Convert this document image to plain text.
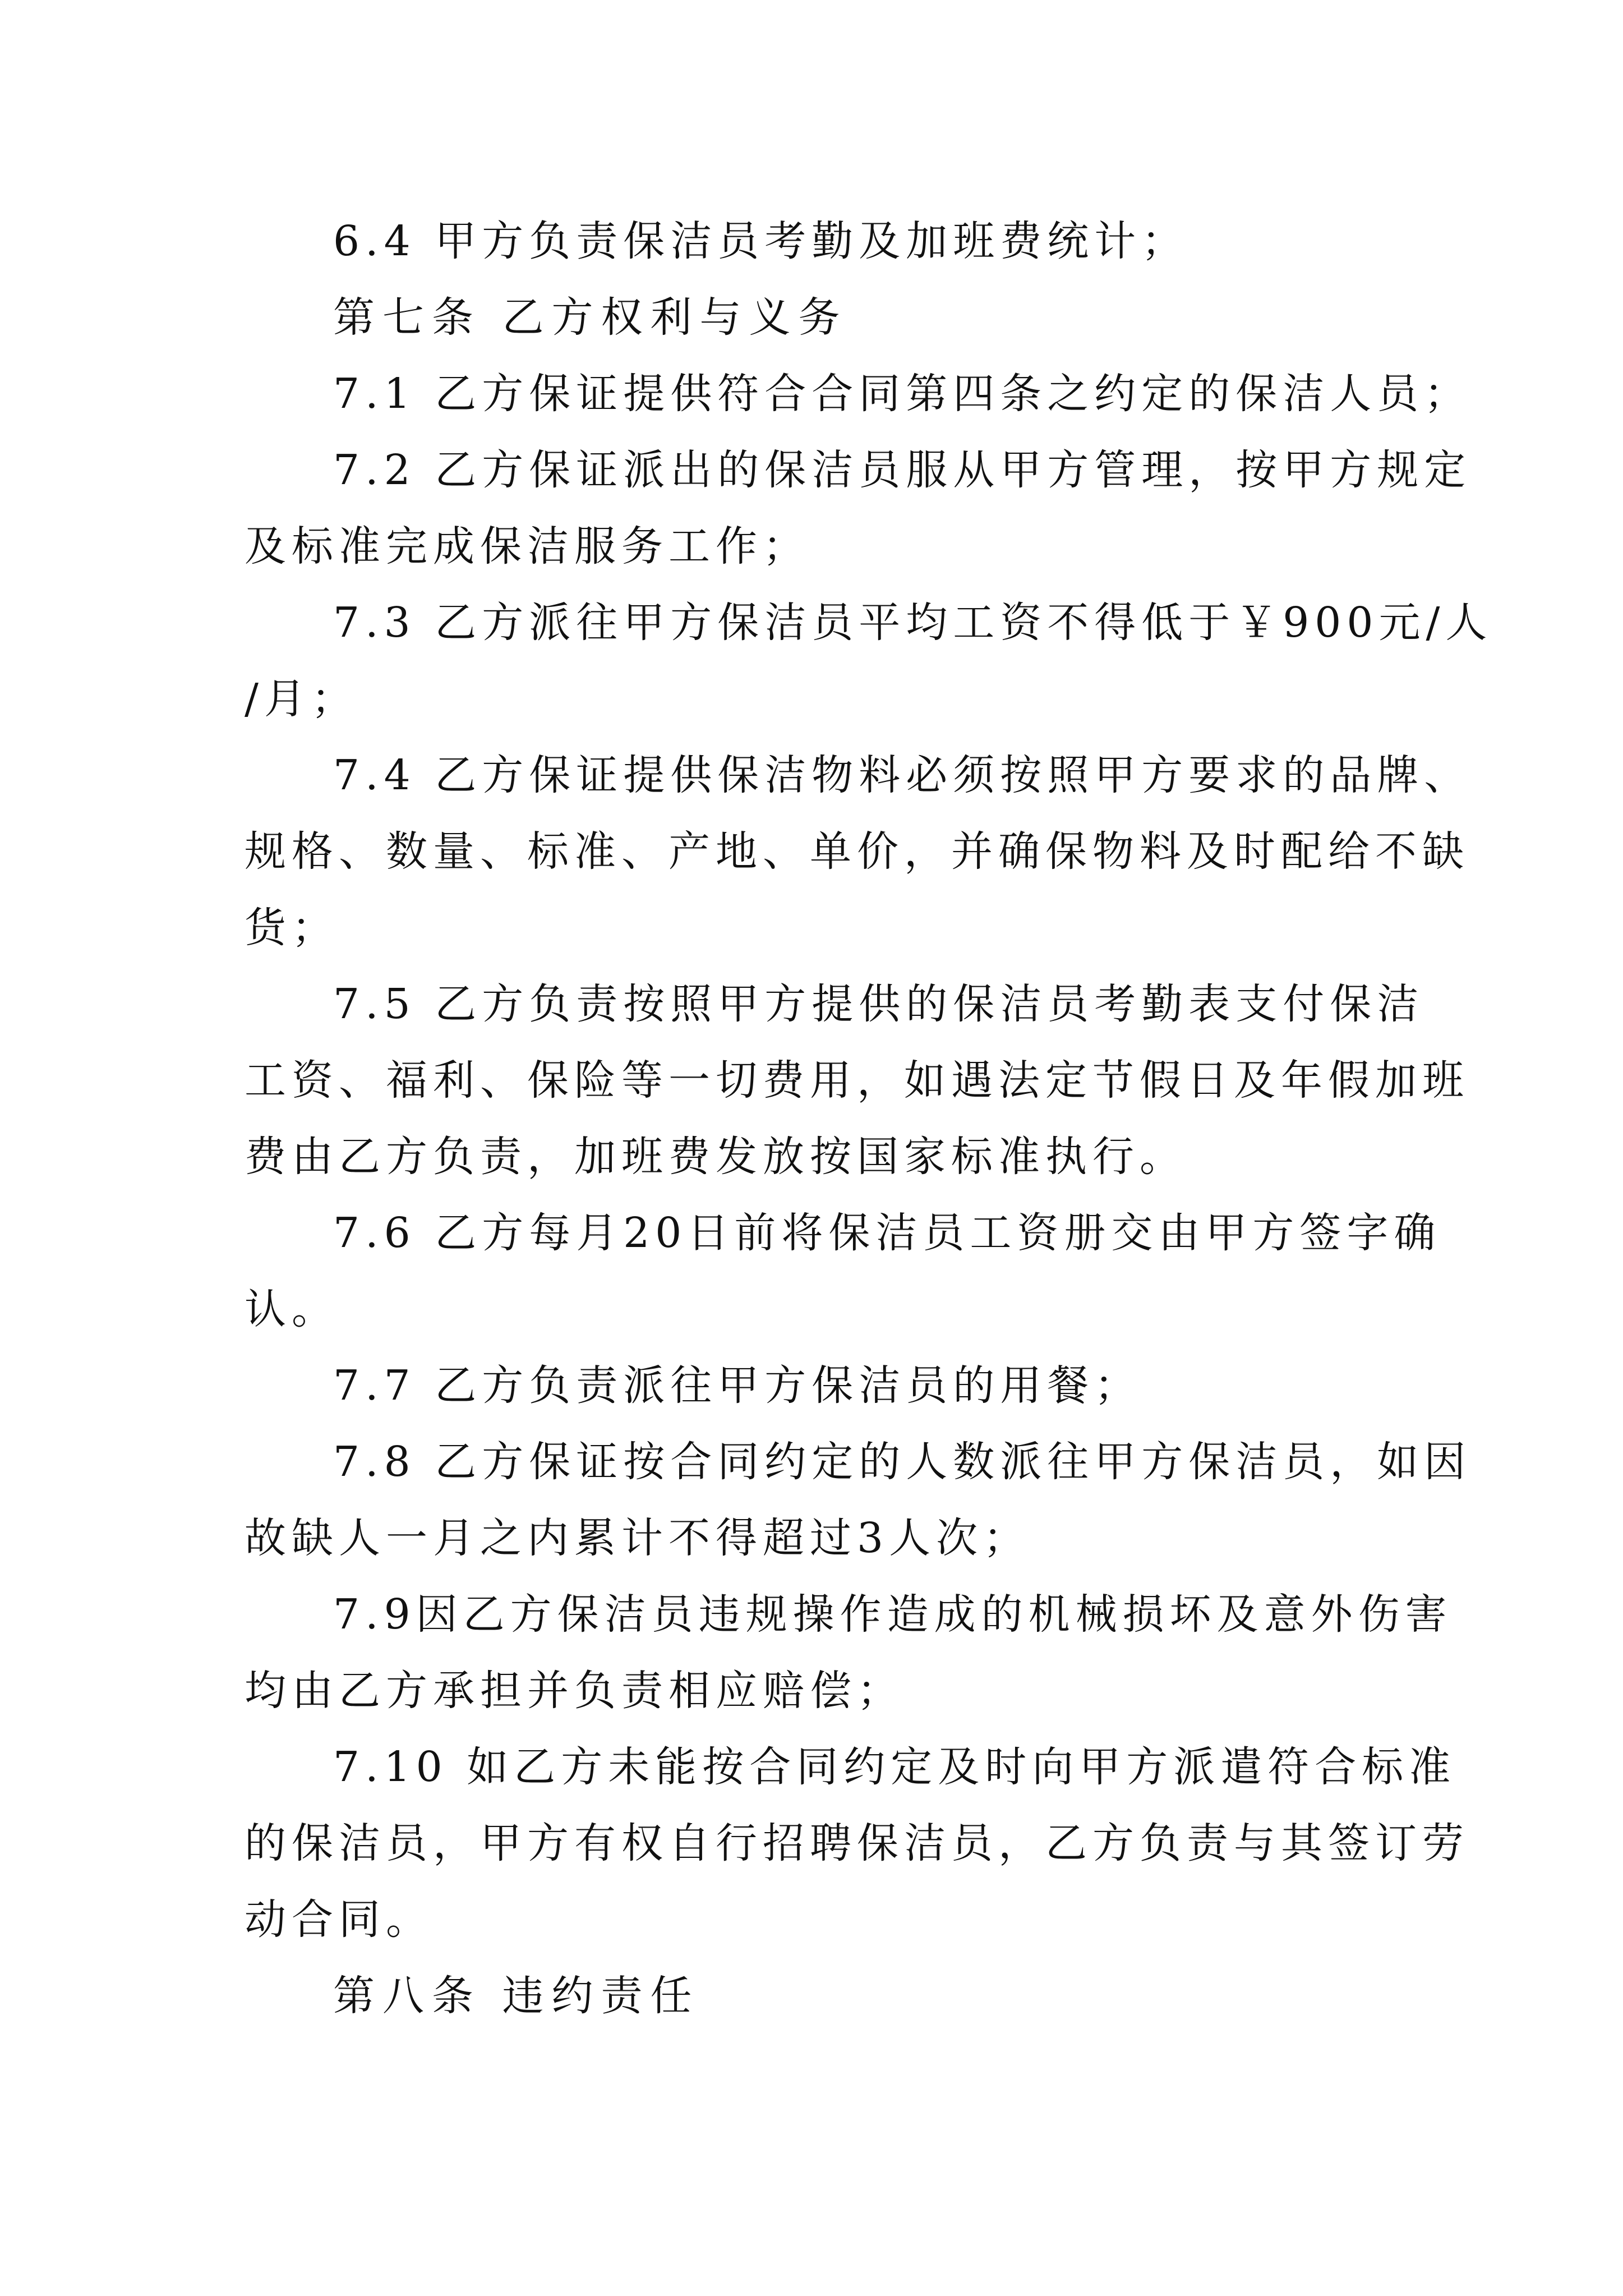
6.4 甲方负责保洁员考勤及加班费统计；
第七条 乙方权利与义务
7.1 乙方保证提供符合合同第四条之约定的保洁人员；
7.2 乙方保证派出的保洁员服从甲方管理，按甲方规定
及标准完成保洁服务工作；
7.3 乙方派往甲方保洁员平均工资不得低于￥900元/人
/月；
7.4 乙方保证提供保洁物料必须按照甲方要求的品牌、
规格、数量、标准、产地、单价，并确保物料及时配给不缺
货；
7.5 乙方负责按照甲方提供的保洁员考勤表支付保洁
工资、福利、保险等一切费用，如遇法定节假日及年假加班
费由乙方负责，加班费发放按国家标准执行。
7.6 乙方每月20日前将保洁员工资册交由甲方签字确
认。
7.7 乙方负责派往甲方保洁员的用餐；
7.8 乙方保证按合同约定的人数派往甲方保洁员，如因
故缺人一月之内累计不得超过3人次；
7.9因乙方保洁员违规操作造成的机械损坏及意外伤害
均由乙方承担并负责相应赔偿；
7.10 如乙方未能按合同约定及时向甲方派遣符合标准
的保洁员，甲方有权自行招聘保洁员，乙方负责与其签订劳
动合同。
第八条 违约责任
